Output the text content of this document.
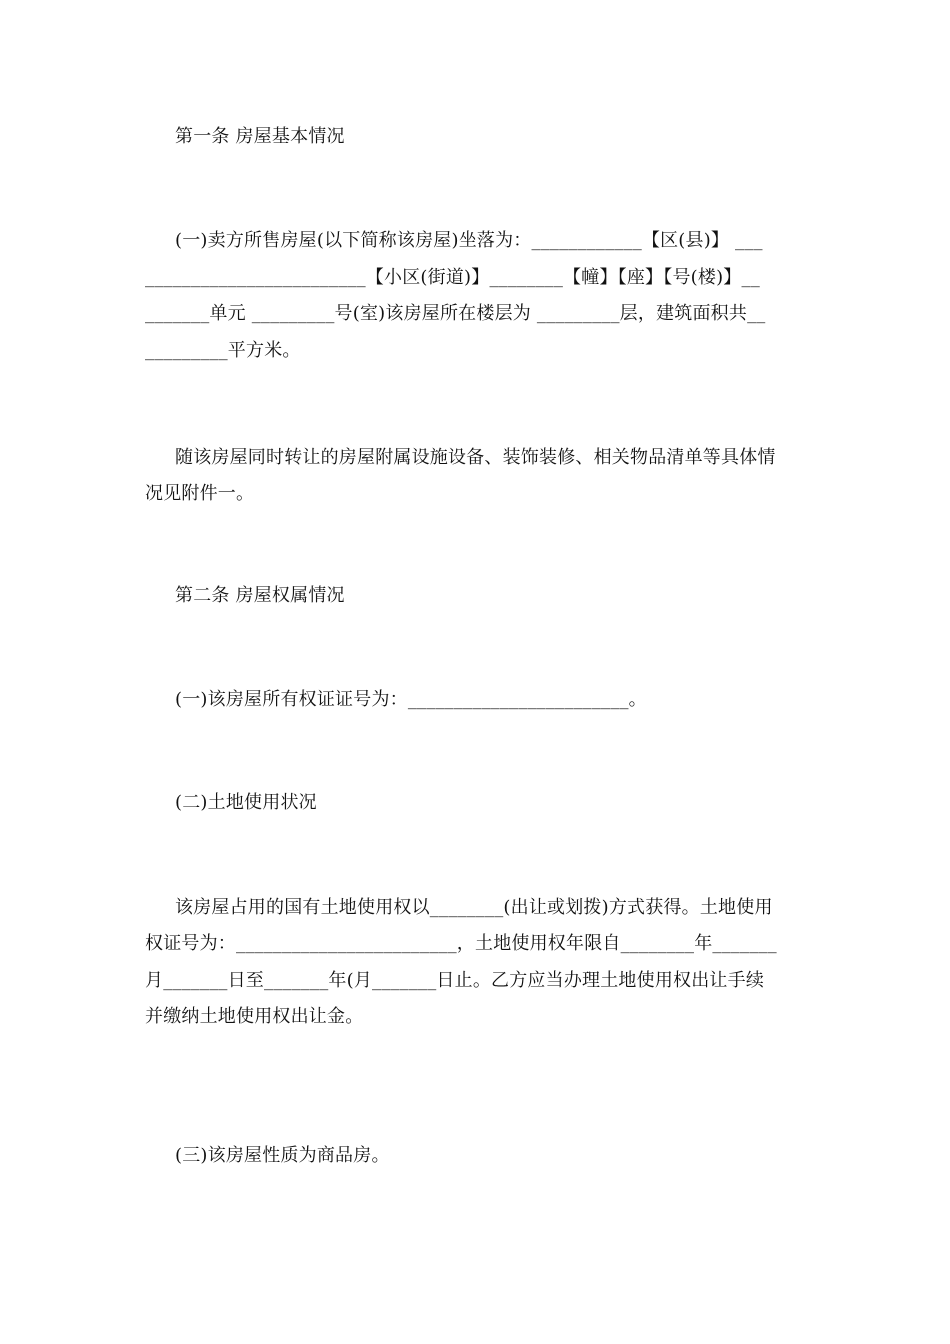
第一条 房屋基本情况
(一)卖方所售房屋(以下简称该房屋)坐落为：____________【区(县)】 ___
________________________【小区(街道)】________【幢】【座】【号(楼)】__
_______单元 _________号(室)该房屋所在楼层为 _________层，建筑面积共__
_________平方米。
随该房屋同时转让的房屋附属设施设备、装饰装修、相关物品清单等具体情
况见附件一。
第二条 房屋权属情况
(一)该房屋所有权证证号为：________________________。
(二)土地使用状况
该房屋占用的国有土地使用权以________(出让或划拨)方式获得。土地使用
权证号为：________________________，土地使用权年限自________年_______
月_______日至_______年(月_______日止。乙方应当办理土地使用权出让手续
并缴纳土地使用权出让金。
(三)该房屋性质为商品房。
